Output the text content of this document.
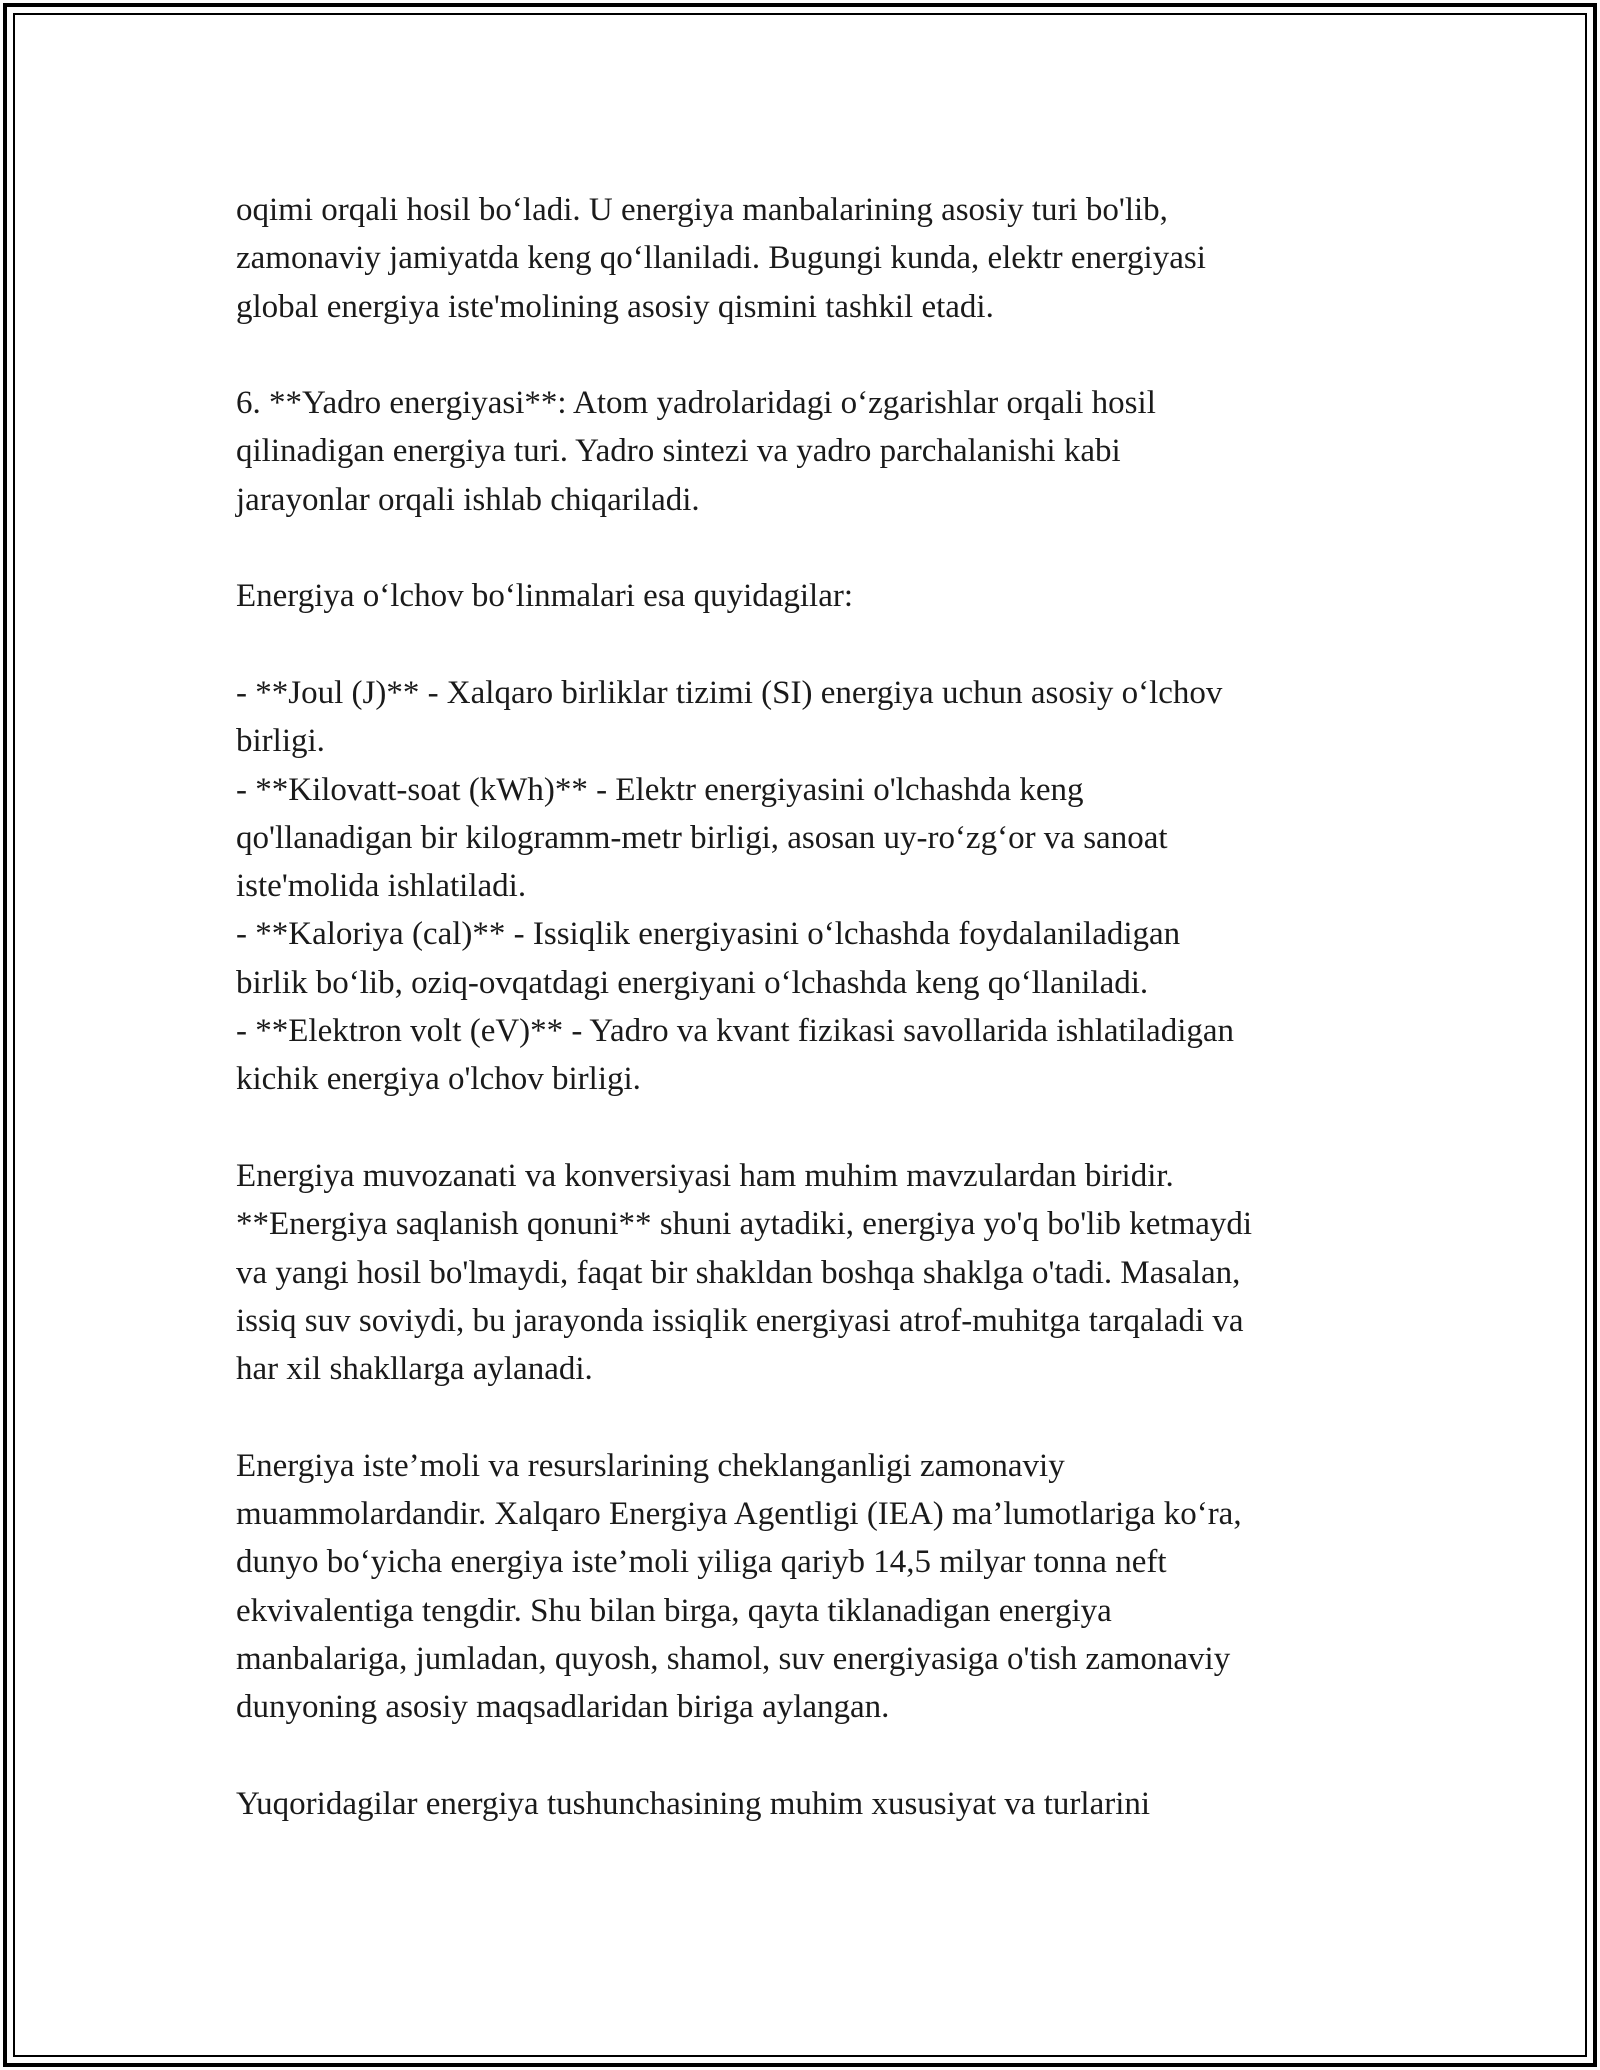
oqimi orqali hosil bo‘ladi. U energiya manbalarining asosiy turi bo'lib,
zamonaviy jamiyatda keng qo‘llaniladi. Bugungi kunda, elektr energiyasi
global energiya iste'molining asosiy qismini tashkil etadi.
6. **Yadro energiyasi**: Atom yadrolaridagi o‘zgarishlar orqali hosil
qilinadigan energiya turi. Yadro sintezi va yadro parchalanishi kabi
jarayonlar orqali ishlab chiqariladi.
Energiya o‘lchov bo‘linmalari esa quyidagilar:
- **Joul (J)** - Xalqaro birliklar tizimi (SI) energiya uchun asosiy o‘lchov
birligi.
- **Kilovatt-soat (kWh)** - Elektr energiyasini o'lchashda keng
qo'llanadigan bir kilogramm-metr birligi, asosan uy-ro‘zg‘or va sanoat
iste'molida ishlatiladi.
- **Kaloriya (cal)** - Issiqlik energiyasini o‘lchashda foydalaniladigan
birlik bo‘lib, oziq-ovqatdagi energiyani o‘lchashda keng qo‘llaniladi.
- **Elektron volt (eV)** - Yadro va kvant fizikasi savollarida ishlatiladigan
kichik energiya o'lchov birligi.
Energiya muvozanati va konversiyasi ham muhim mavzulardan biridir.
**Energiya saqlanish qonuni** shuni aytadiki, energiya yo'q bo'lib ketmaydi
va yangi hosil bo'lmaydi, faqat bir shakldan boshqa shaklga o'tadi. Masalan,
issiq suv soviydi, bu jarayonda issiqlik energiyasi atrof-muhitga tarqaladi va
har xil shakllarga aylanadi.
Energiya iste’moli va resurslarining cheklanganligi zamonaviy
muammolardandir. Xalqaro Energiya Agentligi (IEA) ma’lumotlariga ko‘ra,
dunyo bo‘yicha energiya iste’moli yiliga qariyb 14,5 milyar tonna neft
ekvivalentiga tengdir. Shu bilan birga, qayta tiklanadigan energiya
manbalariga, jumladan, quyosh, shamol, suv energiyasiga o'tish zamonaviy
dunyoning asosiy maqsadlaridan biriga aylangan.
Yuqoridagilar energiya tushunchasining muhim xususiyat va turlarini
